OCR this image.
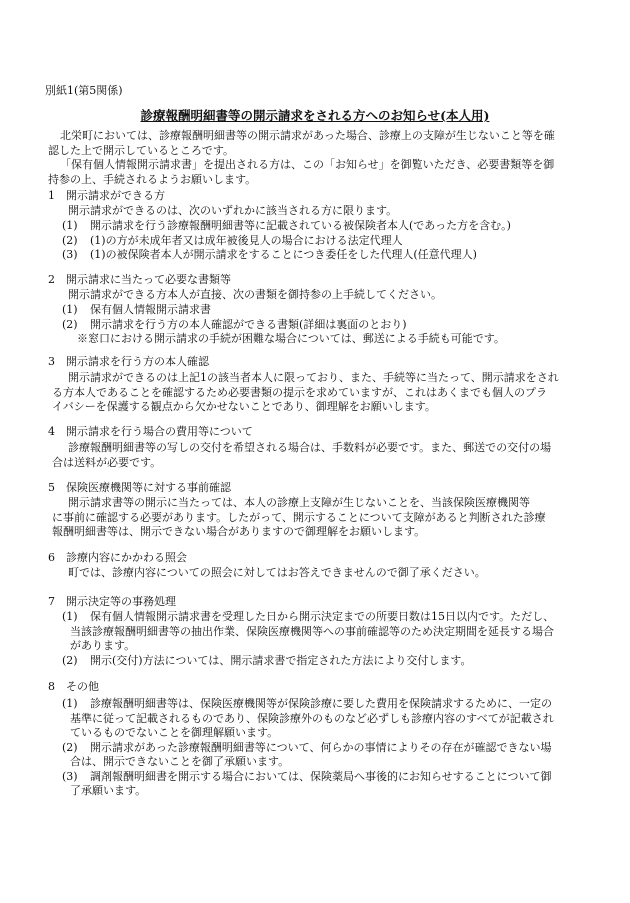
別紙1(第5関係)
診療報酬明細書等の開示請求をされる方へのお知らせ(本人用)
北栄町においては、診療報酬明細書等の開示請求があった場合、診療上の支障が生じないこと等を確
認した上で開示しているところです。
「保有個人情報開示請求書」を提出される方は、この「お知らせ」を御覧いただき、必要書類等を御
持参の上、手続されるようお願いします。
1 開示請求ができる方
開示請求ができるのは、次のいずれかに該当される方に限ります。
(1) 開示請求を行う診療報酬明細書等に記載されている被保険者本人(であった方を含む。)
(2) (1)の方が未成年者又は成年被後見人の場合における法定代理人
(3) (1)の被保険者本人が開示請求をすることにつき委任をした代理人(任意代理人)
2 開示請求に当たって必要な書類等
開示請求ができる方本人が直接、次の書類を御持参の上手続してください。
(1) 保有個人情報開示請求書
(2) 開示請求を行う方の本人確認ができる書類(詳細は裏面のとおり)
※窓口における開示請求の手続が困難な場合については、郵送による手続も可能です。
3 開示請求を行う方の本人確認
開示請求ができるのは上記1の該当者本人に限っており、また、手続等に当たって、開示請求をされ
る方本人であることを確認するため必要書類の提示を求めていますが、これはあくまでも個人のプラ
イバシーを保護する観点から欠かせないことであり、御理解をお願いします。
4 開示請求を行う場合の費用等について
診療報酬明細書等の写しの交付を希望される場合は、手数料が必要です。また、郵送での交付の場
合は送料が必要です。
5 保険医療機関等に対する事前確認
開示請求書等の開示に当たっては、本人の診療上支障が生じないことを、当該保険医療機関等
に事前に確認する必要があります。したがって、開示することについて支障があると判断された診療
報酬明細書等は、開示できない場合がありますので御理解をお願いします。
6 診療内容にかかわる照会
町では、診療内容についての照会に対してはお答えできませんので御了承ください。
7 開示決定等の事務処理
(1) 保有個人情報開示請求書を受理した日から開示決定までの所要日数は15日以内です。ただし、
当該診療報酬明細書等の抽出作業、保険医療機関等への事前確認等のため決定期間を延長する場合
があります。
(2) 開示(交付)方法については、開示請求書で指定された方法により交付します。
8 その他
(1) 診療報酬明細書等は、保険医療機関等が保険診療に要した費用を保険請求するために、一定の
基準に従って記載されるものであり、保険診療外のものなど必ずしも診療内容のすべてが記載され
ているものでないことを御理解願います。
(2) 開示請求があった診療報酬明細書等について、何らかの事情によりその存在が確認できない場
合は、開示できないことを御了承願います。
(3) 調剤報酬明細書を開示する場合においては、保険薬局へ事後的にお知らせすることについて御
了承願います。
